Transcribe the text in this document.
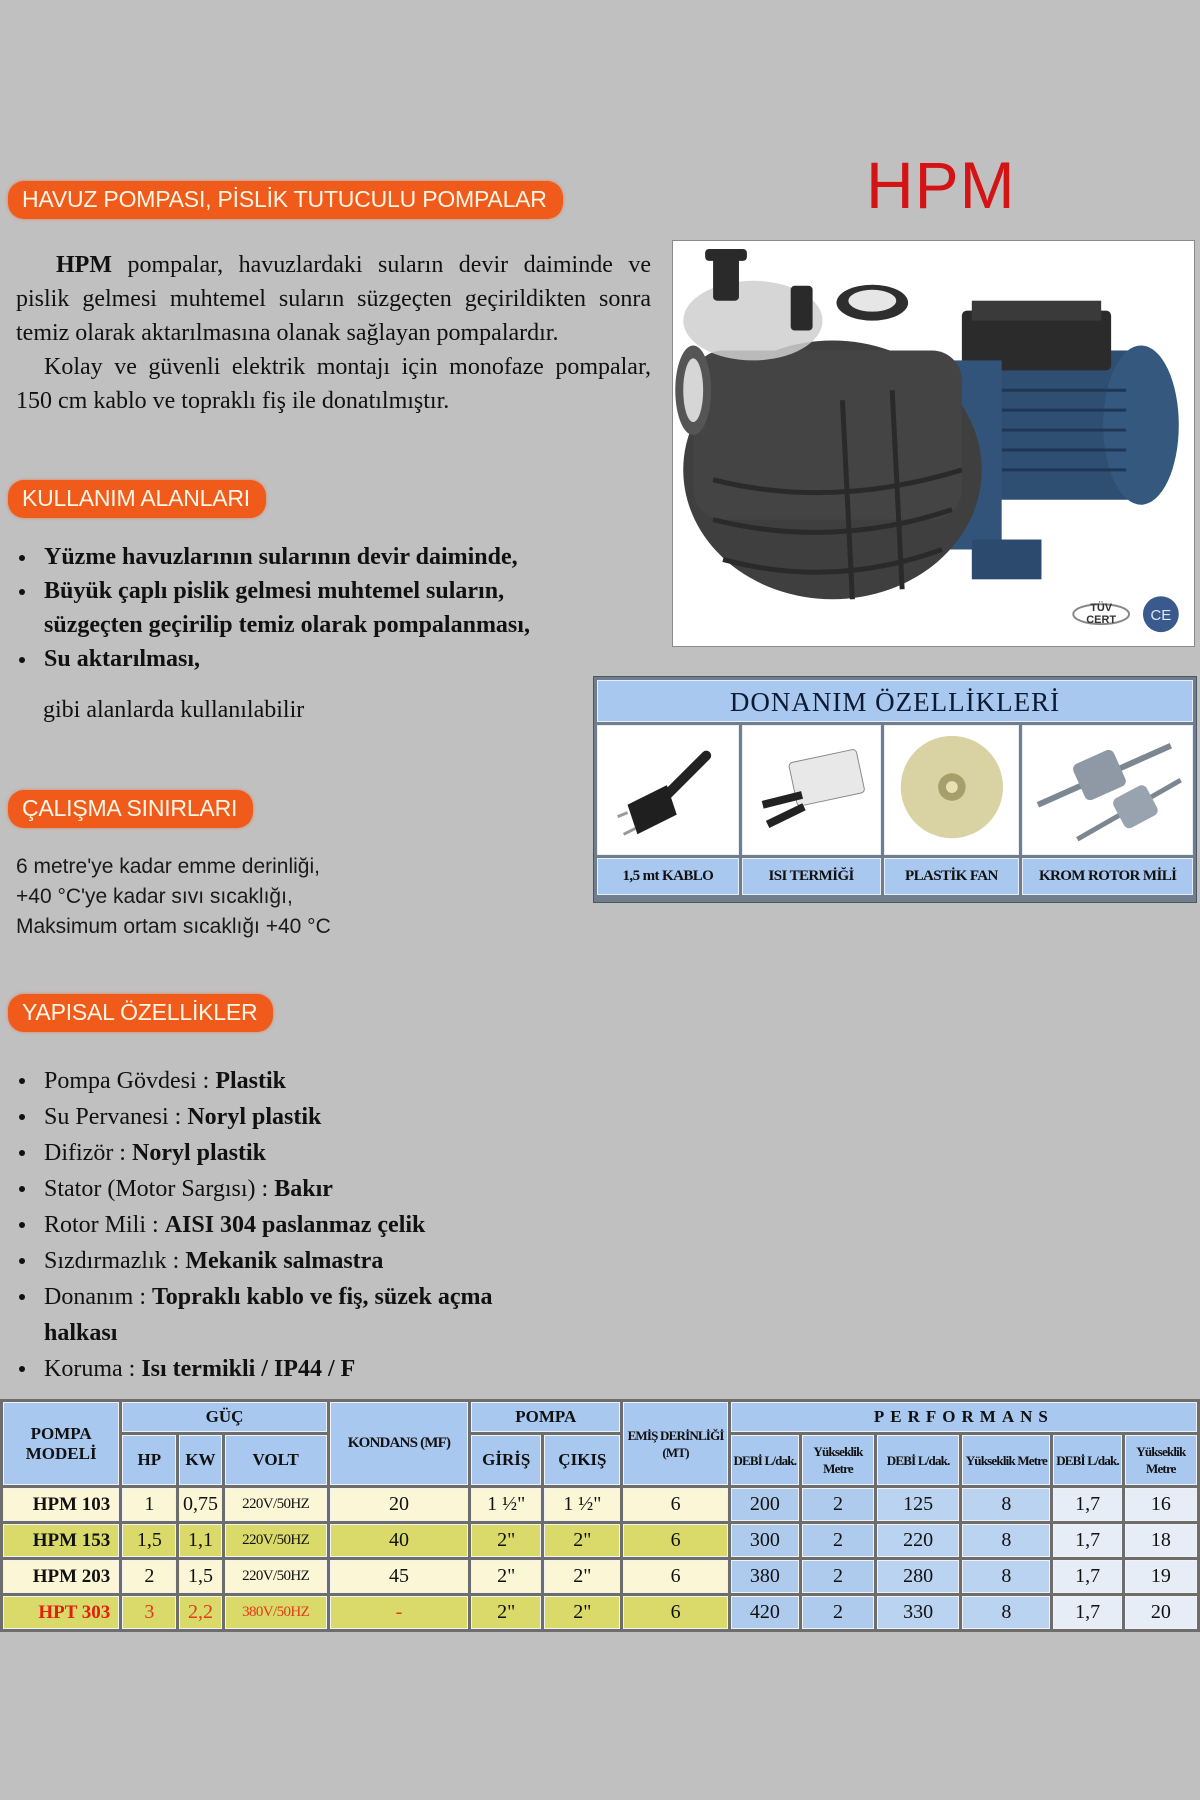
HAVUZ POMPASI, PİSLİK TUTUCULU POMPALAR	HPM

HPM pompalar, havuzlardaki suların devir daiminde ve pislik gelmesi muhtemel suların süzgeçten geçirildikten sonra temiz olarak aktarılmasına olanak sağlayan pompalardır.

Kolay ve güvenli elektrik montajı için monofaze pompalar, 150 cm kablo ve topraklı fiş ile donatılmıştır.

KULLANIM ALANLARI
Yüzme havuzlarının sularının devir daiminde,
Büyük çaplı pislik gelmesi muhtemel suların, süzgeçten geçirilip temiz olarak pompalanması,
Su aktarılması,
gibi alanlarda kullanılabilir
ÇALIŞMA SINIRLARI
6 metre'ye kadar emme derinliği,
+40 °C'ye kadar sıvı sıcaklığı,
Maksimum ortam sıcaklığı +40 °C
YAPISAL ÖZELLİKLER
Pompa Gövdesi : Plastik
Su Pervanesi : Noryl plastik
Difizör : Noryl plastik
Stator (Motor Sargısı) : Bakır
Rotor Mili : AISI 304 paslanmaz çelik
Sızdırmazlık : Mekanik salmastra
Donanım : Topraklı kablo ve fiş, süzek açma halkası
Koruma : Isı termikli / IP44 / F
TÜV
CERT CE
DONANIM ÖZELLİKLERİ
1,5 mt KABLO	ISI TERMİĞİ	PLASTİK FAN	KROM ROTOR MİLİ
POMPA MODELİ	GÜÇ			KONDANS (MF)	POMPA		EMİŞ DERİNLİĞİ (MT)	PERFORMANS					
	HP	KW	VOLT		GİRİŞ	ÇIKIŞ		DEBİ L/dak.	Yükseklik Metre	DEBİ L/dak.	Yükseklik Metre	DEBİ L/dak.	Yükseklik Metre
HPM 103	1	0,75	220V/50HZ	20	1 ½"	1 ½"	6	200	2	125	8	1,7	16
HPM 153	1,5	1,1	220V/50HZ	40	2"	2"	6	300	2	220	8	1,7	18
HPM 203	2	1,5	220V/50HZ	45	2"	2"	6	380	2	280	8	1,7	19
HPT 303	3	2,2	380V/50HZ	-	2"	2"	6	420	2	330	8	1,7	20
